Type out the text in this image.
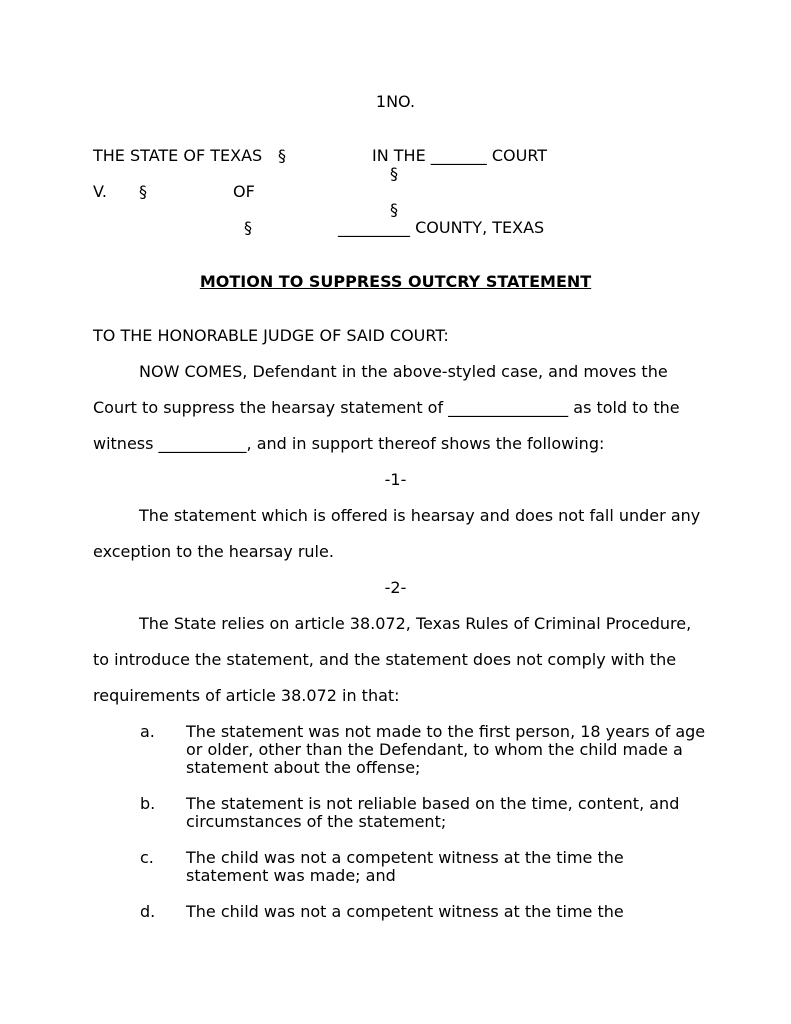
1NO.
THE STATE OF TEXAS §	IN THE _______ COURT
§
V. §	OF
§
§	_________ COUNTY, TEXAS
MOTION TO SUPPRESS OUTCRY STATEMENT
TO THE HONORABLE JUDGE OF SAID COURT:
NOW COMES, Defendant in the above-styled case, and moves the
Court to suppress the hearsay statement of _______________ as told to the
witness ___________, and in support thereof shows the following:
-1-
The statement which is offered is hearsay and does not fall under any
exception to the hearsay rule.
-2-
The State relies on article 38.072, Texas Rules of Criminal Procedure,
to introduce the statement, and the statement does not comply with the
requirements of article 38.072 in that:
a. The statement was not made to the first person, 18 years of age or older, other than the Defendant, to whom the child made a statement about the offense;
b. The statement is not reliable based on the time, content, and circumstances of the statement;
c. The child was not a competent witness at the time the statement was made; and
d. The child was not a competent witness at the time the
